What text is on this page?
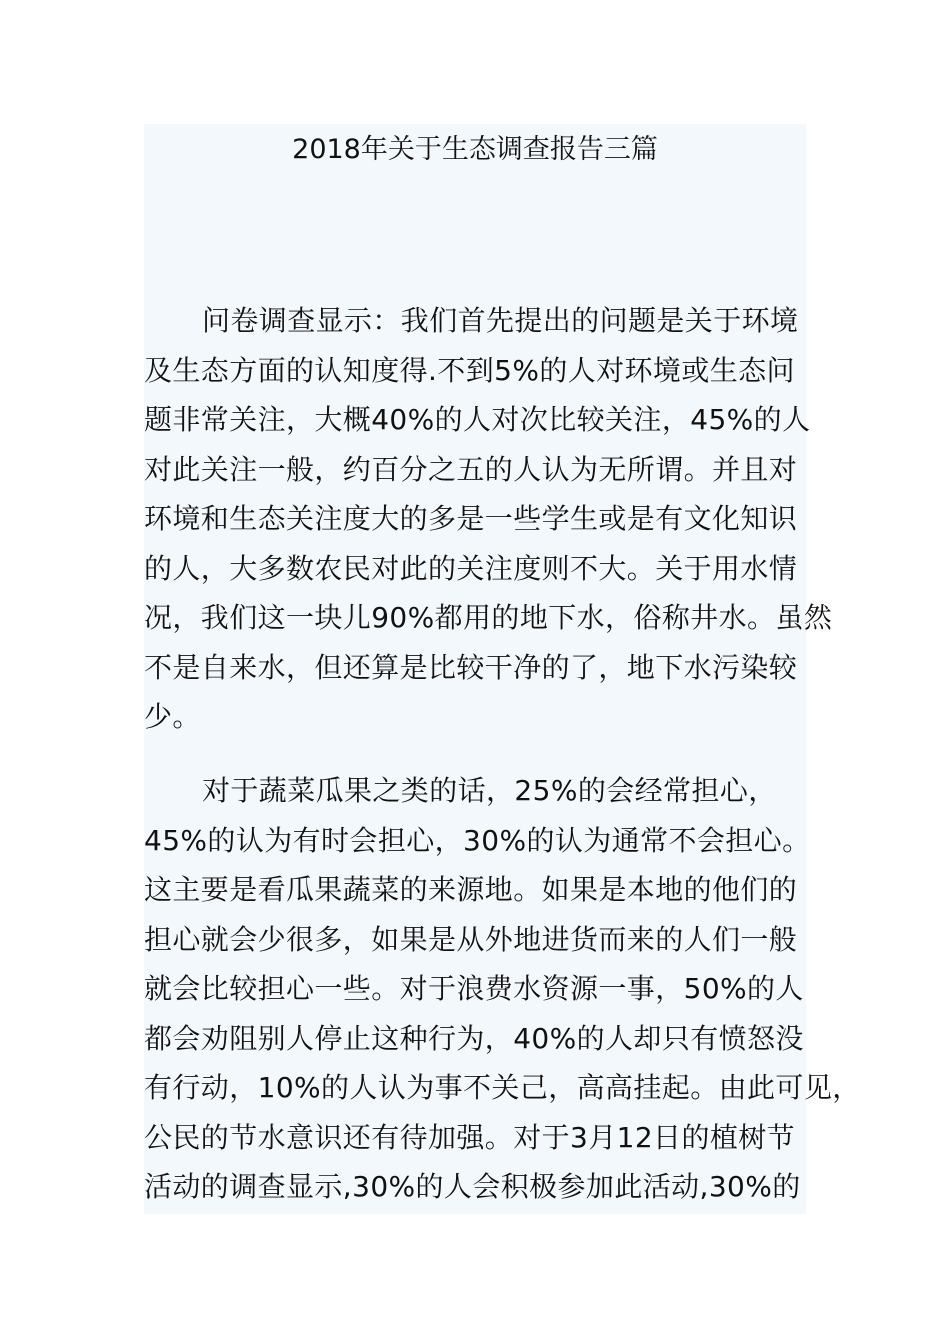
2018年关于生态调查报告三篇

问卷调查显示：我们首先提出的问题是关于环境
及生态方面的认知度得.不到5%的人对环境或生态问
题非常关注，大概40%的人对次比较关注，45%的人
对此关注一般，约百分之五的人认为无所谓。并且对
环境和生态关注度大的多是一些学生或是有文化知识
的人，大多数农民对此的关注度则不大。关于用水情
况，我们这一块儿90%都用的地下水，俗称井水。虽然
不是自来水，但还算是比较干净的了，地下水污染较
少。

对于蔬菜瓜果之类的话，25%的会经常担心，
45%的认为有时会担心，30%的认为通常不会担心。
这主要是看瓜果蔬菜的来源地。如果是本地的他们的
担心就会少很多，如果是从外地进货而来的人们一般
就会比较担心一些。对于浪费水资源一事，50%的人
都会劝阻别人停止这种行为，40%的人却只有愤怒没
有行动，10%的人认为事不关己，高高挂起。由此可见，
公民的节水意识还有待加强。对于3月12日的植树节
活动的调查显示,30%的人会积极参加此活动,30%的
